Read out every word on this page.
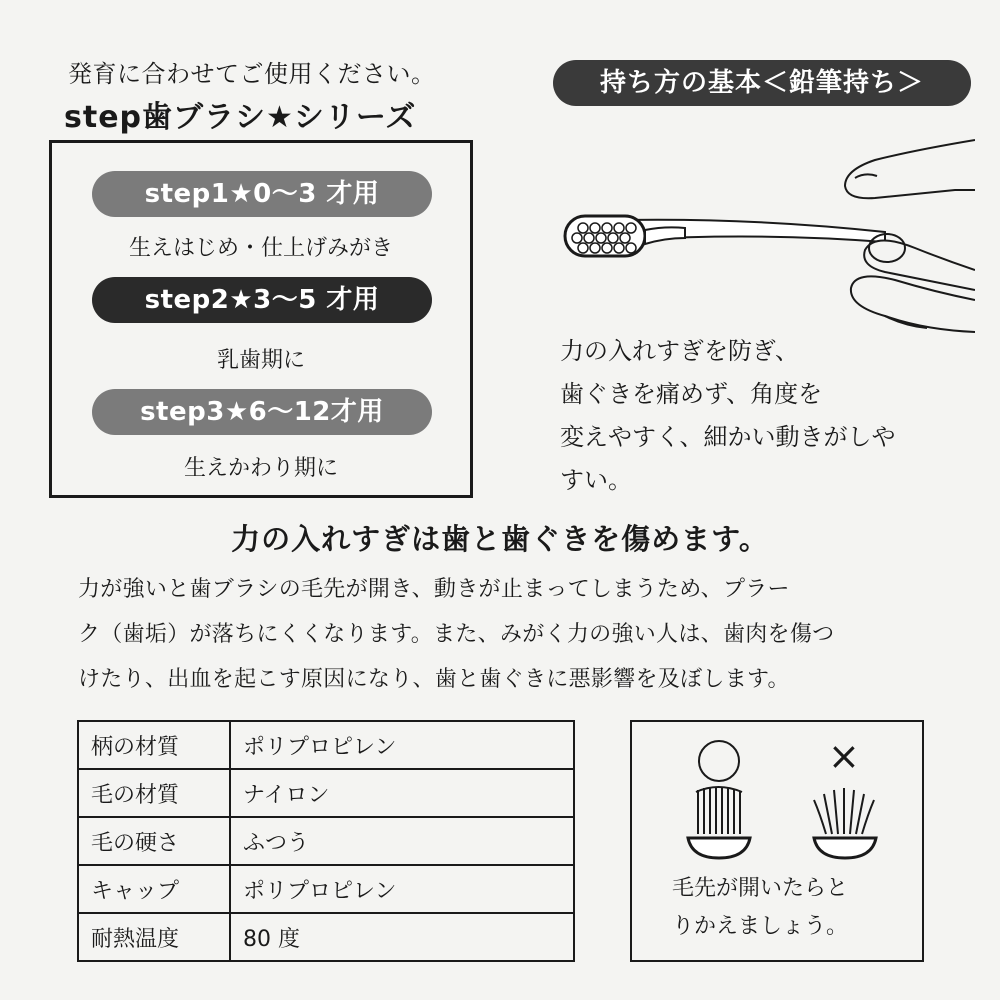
発育に合わせてご使用ください。
step歯ブラシ★シリーズ
step1★0～3 才用
生えはじめ・仕上げみがき
step2★3～5 才用
乳歯期に
step3★6～12才用
生えかわり期に
持ち方の基本＜鉛筆持ち＞
力の入れすぎを防ぎ、
歯ぐきを痛めず、角度を
変えやすく、細かい動きがしや
すい。
力の入れすぎは歯と歯ぐきを傷めます。
力が強いと歯ブラシの毛先が開き、動きが止まってしまうため、プラー
ク（歯垢）が落ちにくくなります。また、みがく力の強い人は、歯肉を傷つ
けたり、出血を起こす原因になり、歯と歯ぐきに悪影響を及ぼします。
柄の材質	ポリプロピレン
毛の材質	ナイロン
毛の硬さ	ふつう
キャップ	ポリプロピレン
耐熱温度	80 度
×
毛先が開いたらと
りかえましょう。
